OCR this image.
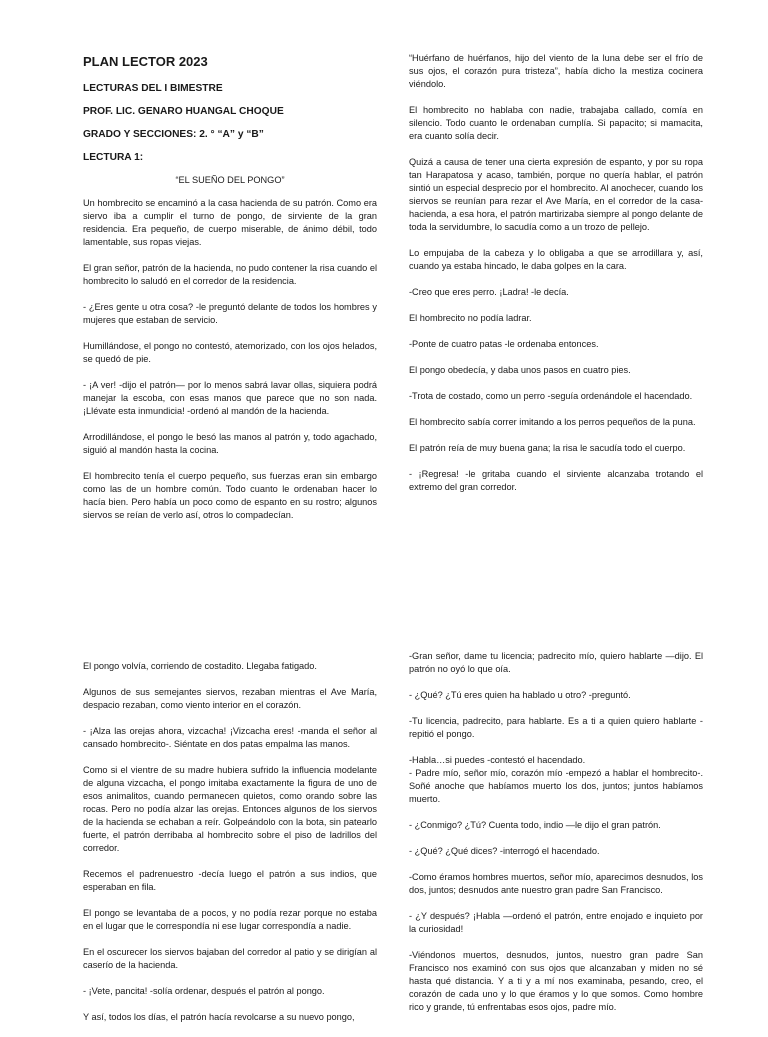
PLAN LECTOR 2023

LECTURAS DEL I BIMESTRE

PROF. LIC. GENARO HUANGAL CHOQUE

GRADO Y SECCIONES: 2. ° “A” y “B”

LECTURA 1:

“EL SUEÑO DEL PONGO”

Un hombrecito se encaminó a la casa hacienda de su patrón. Como era siervo iba a cumplir el turno de pongo, de sirviente de la gran residencia. Era pequeño, de cuerpo miserable, de ánimo débil, todo lamentable, sus ropas viejas.

El gran señor, patrón de la hacienda, no pudo contener la risa cuando el hombrecito lo saludó en el corredor de la residencia.

- ¿Eres gente u otra cosa? -le preguntó delante de todos los hombres y mujeres que estaban de servicio.

Humillándose, el pongo no contestó, atemorizado, con los ojos helados, se quedó de pie.

- ¡A ver! -dijo el patrón— por lo menos sabrá lavar ollas, siquiera podrá manejar la escoba, con esas manos que parece que no son nada. ¡Llévate esta inmundicia! -ordenó al mandón de la hacienda.

Arrodillándose, el pongo le besó las manos al patrón y, todo agachado, siguió al mandón hasta la cocina.

El hombrecito tenía el cuerpo pequeño, sus fuerzas eran sin embargo como las de un hombre común. Todo cuanto le ordenaban hacer lo hacía bien. Pero había un poco como de espanto en su rostro; algunos siervos se reían de verlo así, otros lo compadecían.

“Huérfano de huérfanos, hijo del viento de la luna debe ser el frío de sus ojos, el corazón pura tristeza”, había dicho la mestiza cocinera viéndolo.

El hombrecito no hablaba con nadie, trabajaba callado, comía en silencio. Todo cuanto le ordenaban cumplía. Si papacito; si mamacita, era cuanto solía decir.

Quizá a causa de tener una cierta expresión de espanto, y por su ropa tan Harapatosa y acaso, también, porque no quería hablar, el patrón sintió un especial desprecio por el hombrecito. Al anochecer, cuando los siervos se reunían para rezar el Ave María, en el corredor de la casa-hacienda, a esa hora, el patrón martirizaba siempre al pongo delante de toda la servidumbre, lo sacudía como a un trozo de pellejo.

Lo empujaba de la cabeza y lo obligaba a que se arrodillara y, así, cuando ya estaba hincado, le daba golpes en la cara.

-Creo que eres perro. ¡Ladra! -le decía.

El hombrecito no podía ladrar.

-Ponte de cuatro patas -le ordenaba entonces.

El pongo obedecía, y daba unos pasos en cuatro pies.

-Trota de costado, como un perro -seguía ordenándole el hacendado.

El hombrecito sabía correr imitando a los perros pequeños de la puna.

El patrón reía de muy buena gana; la risa le sacudía todo el cuerpo.

- ¡Regresa! -le gritaba cuando el sirviente alcanzaba trotando el extremo del gran corredor.

El pongo volvía, corriendo de costadito. Llegaba fatigado.

Algunos de sus semejantes siervos, rezaban mientras el Ave María, despacio rezaban, como viento interior en el corazón.

- ¡Alza las orejas ahora, vizcacha! ¡Vizcacha eres! -manda el señor al cansado hombrecito-. Siéntate en dos patas empalma las manos.

Como si el vientre de su madre hubiera sufrido la influencia modelante de alguna vizcacha, el pongo imitaba exactamente la figura de uno de esos animalitos, cuando permanecen quietos, como orando sobre las rocas. Pero no podía alzar las orejas. Entonces algunos de los siervos de la hacienda se echaban a reír. Golpeándolo con la bota, sin patearlo fuerte, el patrón derribaba al hombrecito sobre el piso de ladrillos del corredor.

Recemos el padrenuestro -decía luego el patrón a sus indios, que esperaban en fila.

El pongo se levantaba de a pocos, y no podía rezar porque no estaba en el lugar que le correspondía ni ese lugar correspondía a nadie.

En el oscurecer los siervos bajaban del corredor al patio y se dirigían al caserío de la hacienda.

- ¡Vete, pancita! -solía ordenar, después el patrón al pongo.

Y así, todos los días, el patrón hacía revolcarse a su nuevo pongo,

-Gran señor, dame tu licencia; padrecito mío, quiero hablarte —dijo. El patrón no oyó lo que oía.

- ¿Qué? ¿Tú eres quien ha hablado u otro? -preguntó.

-Tu licencia, padrecito, para hablarte. Es a ti a quien quiero hablarte -repitió el pongo.

-Habla…si puedes -contestó el hacendado.
- Padre mío, señor mío, corazón mío -empezó a hablar el hombrecito-. Soñé anoche que habíamos muerto los dos, juntos; juntos habíamos muerto.

- ¿Conmigo? ¿Tú? Cuenta todo, indio —le dijo el gran patrón.

- ¿Qué? ¿Qué dices? -interrogó el hacendado.

-Como éramos hombres muertos, señor mío, aparecimos desnudos, los dos, juntos; desnudos ante nuestro gran padre San Francisco.

- ¿Y después? ¡Habla —ordenó el patrón, entre enojado e inquieto por la curiosidad!

-Viéndonos muertos, desnudos, juntos, nuestro gran padre San Francisco nos examinó con sus ojos que alcanzaban y miden no sé hasta qué distancia. Y a ti y a mí nos examinaba, pesando, creo, el corazón de cada uno y lo que éramos y lo que somos. Como hombre rico y grande, tú enfrentabas esos ojos, padre mío.
